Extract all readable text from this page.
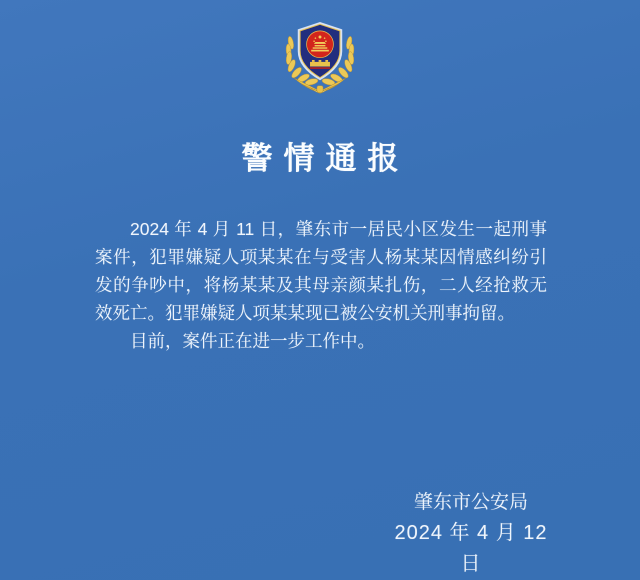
警情通报

2024 年 4 月 11 日，肇东市一居民小区发生一起刑事案件，犯罪嫌疑人项某某在与受害人杨某某因情感纠纷引发的争吵中，将杨某某及其母亲颜某扎伤，二人经抢救无效死亡。犯罪嫌疑人项某某现已被公安机关刑事拘留。

目前，案件正在进一步工作中。

肇东市公安局
2024 年 4 月 12 日
